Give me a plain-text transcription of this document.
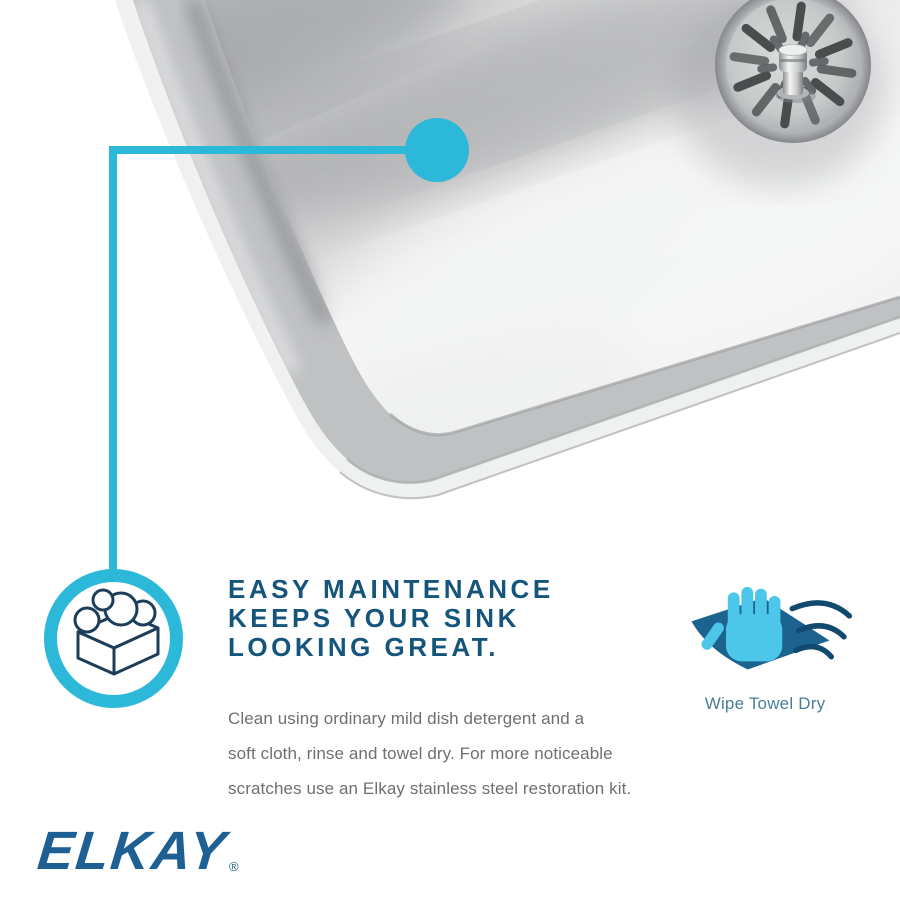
EASY MAINTENANCE
KEEPS YOUR SINK
LOOKING GREAT.
Clean using ordinary mild dish detergent and a
soft cloth, rinse and towel dry. For more noticeable
scratches use an Elkay stainless steel restoration kit.
Wipe Towel Dry
ELKAY®
